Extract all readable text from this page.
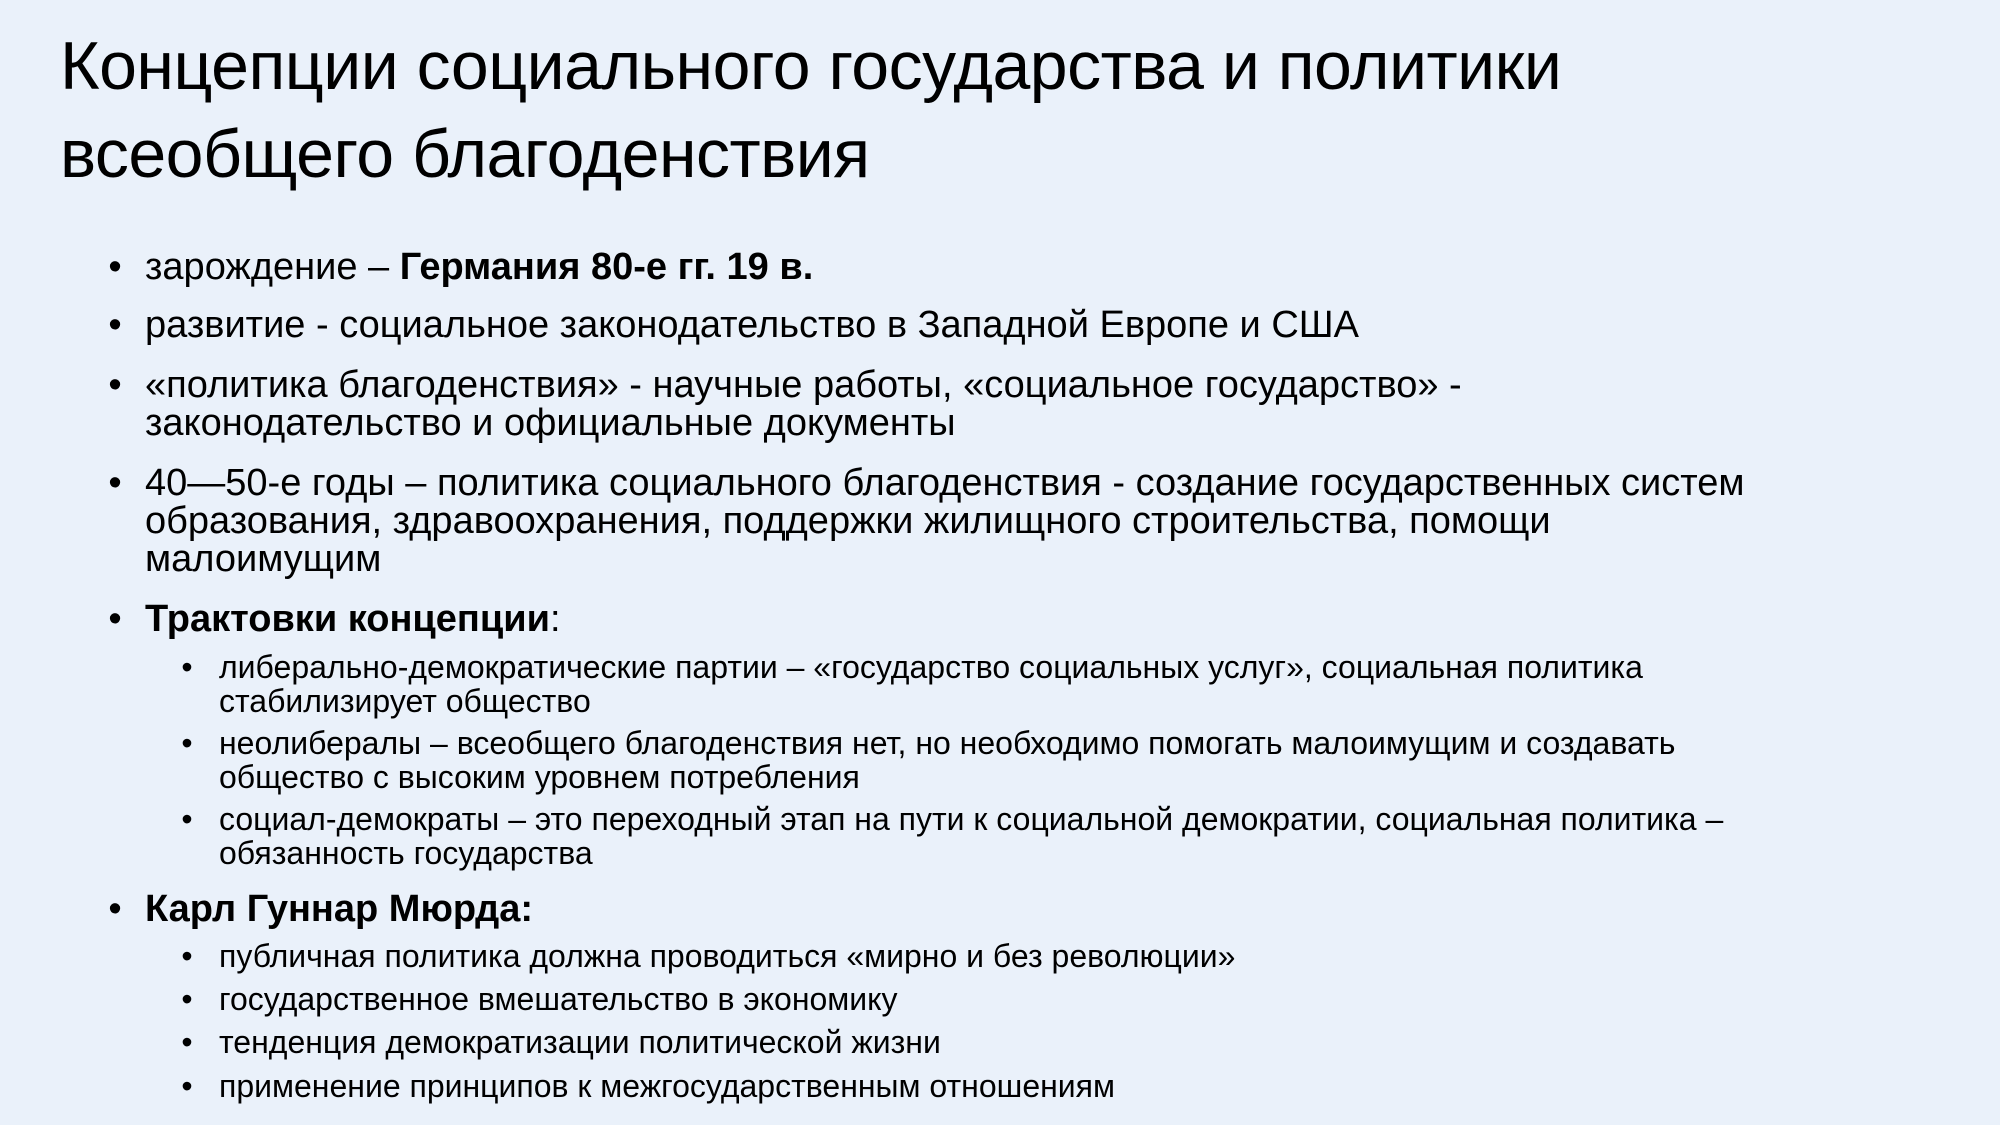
Концепции социального государства и политики
всеобщего благоденствия
• зарождение – Германия 80-е гг. 19 в.
• развитие - социальное законодательство в Западной Европе и США
• «политика благоденствия» - научные работы, «социальное государство» -
законодательство и официальные документы
• 40—50-е годы – политика социального благоденствия - создание государственных систем
образования, здравоохранения, поддержки жилищного строительства, помощи
малоимущим
• Трактовки концепции:
• либерально-демократические партии – «государство социальных услуг», социальная политика
стабилизирует общество
• неолибералы – всеобщего благоденствия нет, но необходимо помогать малоимущим и создавать
общество с высоким уровнем потребления
• социал-демократы – это переходный этап на пути к социальной демократии, социальная политика –
обязанность государства
• Карл Гуннар Мюрда:
• публичная политика должна проводиться «мирно и без революции»
• государственное вмешательство в экономику
• тенденция демократизации политической жизни
• применение принципов к межгосударственным отношениям
